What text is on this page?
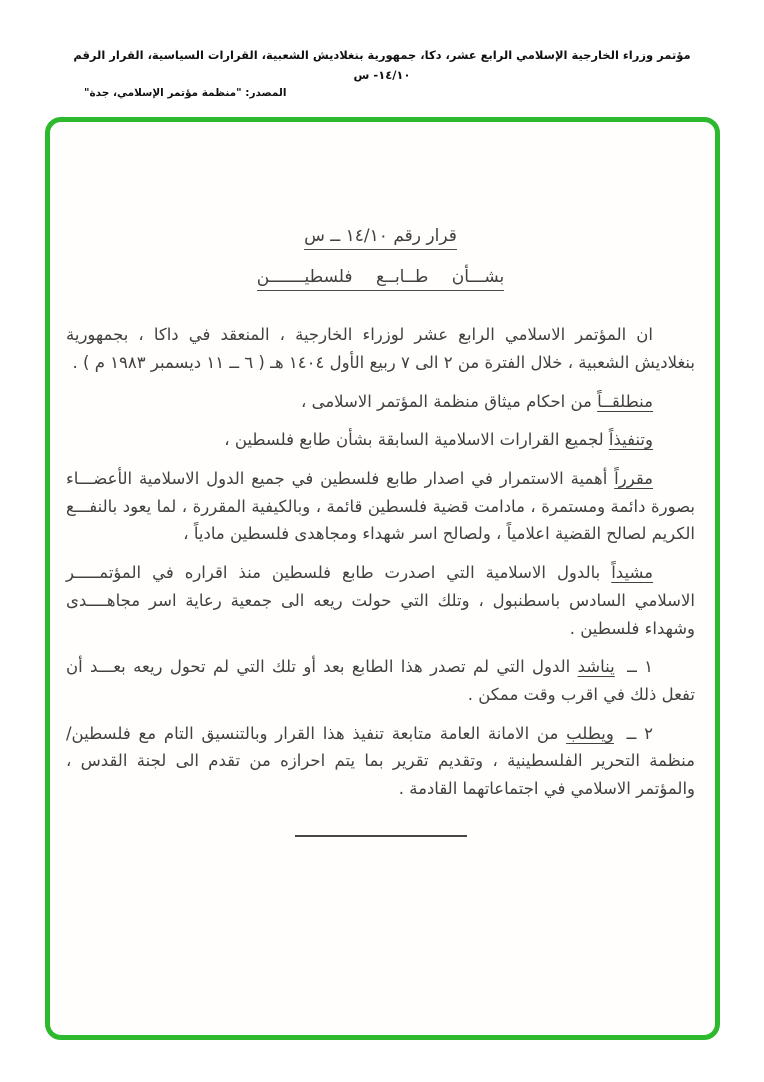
مؤتمر وزراء الخارجية الإسلامي الرابع عشر، دكا، جمهورية بنغلاديش الشعبية، القرارات السياسية، القرار الرقم ١٤/١٠- س
المصدر: "منظمة مؤتمر الإسلامي، جدة"
قرار رقم ١٤/١٠ ــ س
بشـــأن طــابــع فلسطيـــــــن

ان المؤتمر الاسلامي الرابع عشر لوزراء الخارجية ، المنعقد في داكا ، بجمهورية بنغلاديش الشعبية ، خلال الفترة من ٢ الى ٧ ربيع الأول ١٤٠٤ هـ ( ٦ ــ ١١ ديسمبر ١٩٨٣ م ) .

منطلقــاً من احكام ميثاق منظمة المؤتمر الاسلامى ،

وتنفيذاً لجميع القرارات الاسلامية السابقة بشأن طابع فلسطين ،

مقرراً أهمية الاستمرار في اصدار طابع فلسطين في جميع الدول الاسلامية الأعضـــاء بصورة دائمة ومستمرة ، مادامت قضية فلسطين قائمة ، وبالكيفية المقررة ، لما يعود بالنفـــع الكريم لصالح القضية اعلامياً ، ولصالح اسر شهداء ومجاهدى فلسطين مادياً ،

مشيداً بالدول الاسلامية التي اصدرت طابع فلسطين منذ اقراره في المؤتمـــــر الاسلامي السادس باسطنبول ، وتلك التي حولت ريعه الى جمعية رعاية اسر مجاهــــدى وشهداء فلسطين .

١ ــ يناشد الدول التي لم تصدر هذا الطابع بعد أو تلك التي لم تحول ريعه بعـــد أن تفعل ذلك في اقرب وقت ممكن .

٢ ــ ويطلب من الامانة العامة متابعة تنفيذ هذا القرار وبالتنسيق التام مع فلسطين/ منظمة التحرير الفلسطينية ، وتقديم تقرير بما يتم احرازه من تقدم الى لجنة القدس ، والمؤتمر الاسلامي في اجتماعاتهما القادمة .
